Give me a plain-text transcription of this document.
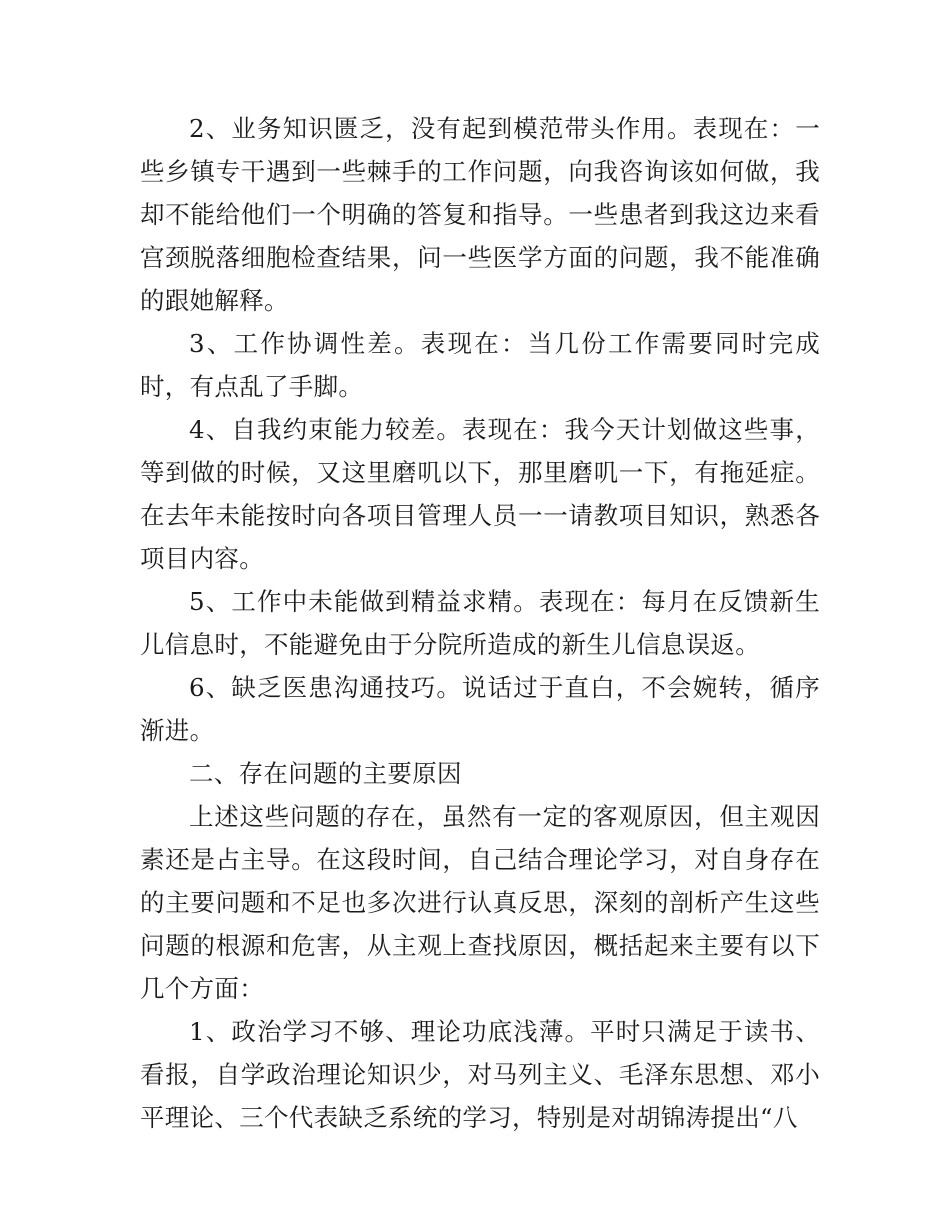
2、业务知识匮乏，没有起到模范带头作用。表现在：一些乡镇专干遇到一些棘手的工作问题，向我咨询该如何做，我却不能给他们一个明确的答复和指导。一些患者到我这边来看宫颈脱落细胞检查结果，问一些医学方面的问题，我不能准确的跟她解释。

3、工作协调性差。表现在：当几份工作需要同时完成时，有点乱了手脚。

4、自我约束能力较差。表现在：我今天计划做这些事，等到做的时候，又这里磨叽以下，那里磨叽一下，有拖延症。在去年未能按时向各项目管理人员一一请教项目知识，熟悉各项目内容。

5、工作中未能做到精益求精。表现在：每月在反馈新生儿信息时，不能避免由于分院所造成的新生儿信息误返。

6、缺乏医患沟通技巧。说话过于直白，不会婉转，循序渐进。

二、存在问题的主要原因

上述这些问题的存在，虽然有一定的客观原因，但主观因素还是占主导。在这段时间，自己结合理论学习，对自身存在的主要问题和不足也多次进行认真反思，深刻的剖析产生这些问题的根源和危害，从主观上查找原因，概括起来主要有以下几个方面：

1、政治学习不够、理论功底浅薄。平时只满足于读书、看报，自学政治理论知识少，对马列主义、毛泽东思想、邓小平理论、三个代表缺乏系统的学习，特别是对胡锦涛提出“八
